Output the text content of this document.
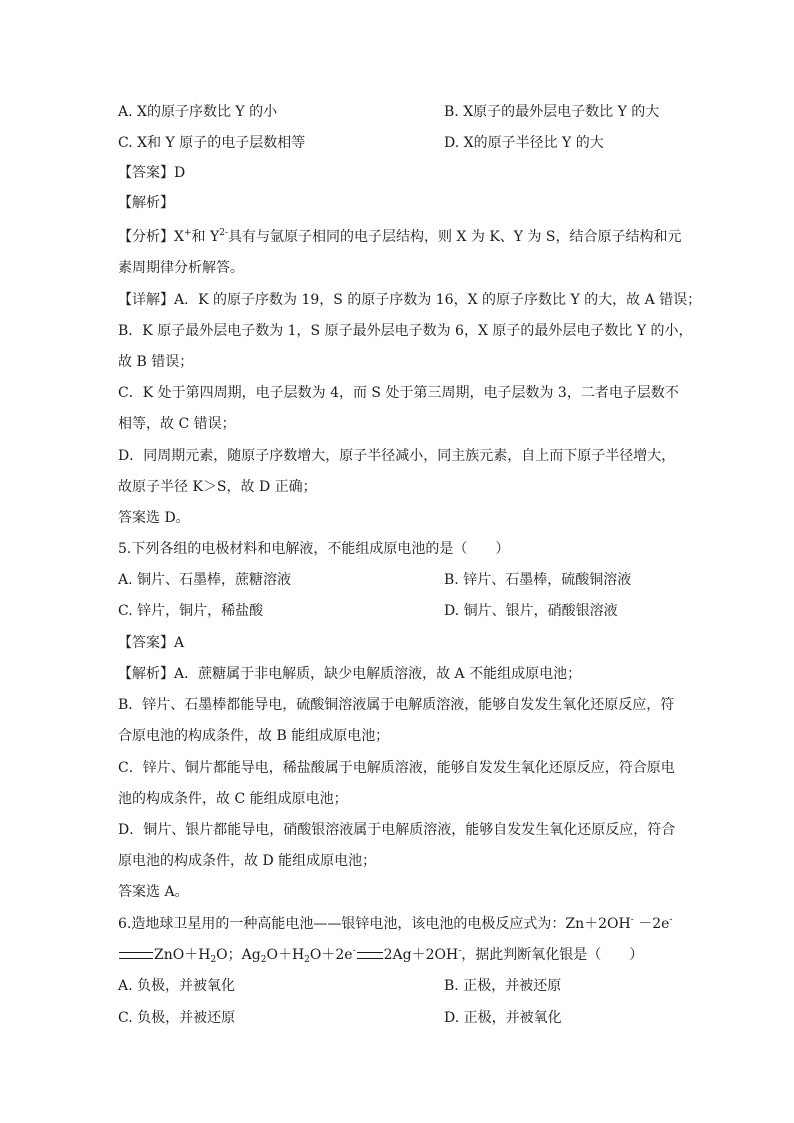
A. X的原子序数比 Y 的小	B. X原子的最外层电子数比 Y 的大
C. X和 Y 原子的电子层数相等	D. X的原子半径比 Y 的大
【答案】D
【解析】
【分析】X+和 $Y^{2-}$具有与氩原子相同的电子层结构，则 X 为 K、Y 为 S，结合原子结构和元
素周期律分析解答。
【详解】A．K 的原子序数为 19，S 的原子序数为 16，X 的原子序数比 Y 的大，故 A 错误；
B．K 原子最外层电子数为 1，S 原子最外层电子数为 6，X 原子的最外层电子数比 Y 的小，
故 B 错误；
C．K 处于第四周期，电子层数为 4，而 S 处于第三周期，电子层数为 3，二者电子层数不
相等，故 C 错误；
D．同周期元素，随原子序数增大，原子半径减小，同主族元素，自上而下原子半径增大，
故原子半径 K＞S，故 D 正确；
答案选 D。
5.下列各组的电极材料和电解液，不能组成原电池的是（　　）
A. 铜片、石墨棒，蔗糖溶液	B. 锌片、石墨棒，硫酸铜溶液
C. 锌片，铜片，稀盐酸	D. 铜片、银片，硝酸银溶液
【答案】A
【解析】A．蔗糖属于非电解质，缺少电解质溶液，故 A 不能组成原电池；
B．锌片、石墨棒都能导电，硫酸铜溶液属于电解质溶液，能够自发发生氧化还原反应，符
合原电池的构成条件，故 B 能组成原电池；
C．锌片、铜片都能导电，稀盐酸属于电解质溶液，能够自发发生氧化还原反应，符合原电
池的构成条件，故 C 能组成原电池；
D．铜片、银片都能导电，硝酸银溶液属于电解质溶液，能够自发发生氧化还原反应，符合
原电池的构成条件，故 D 能组成原电池；
答案选 A。
6.造地球卫星用的一种高能电池——银锌电池，该电池的电极反应式为：Zn＋2OH- －2e-
$ZnO+H_2O$；$Ag_2O+H_2O+2e^-$ 2Ag＋2OH-，据此判断氧化银是（　　）
A. 负极，并被氧化	B. 正极，并被还原
C. 负极，并被还原	D. 正极，并被氧化
